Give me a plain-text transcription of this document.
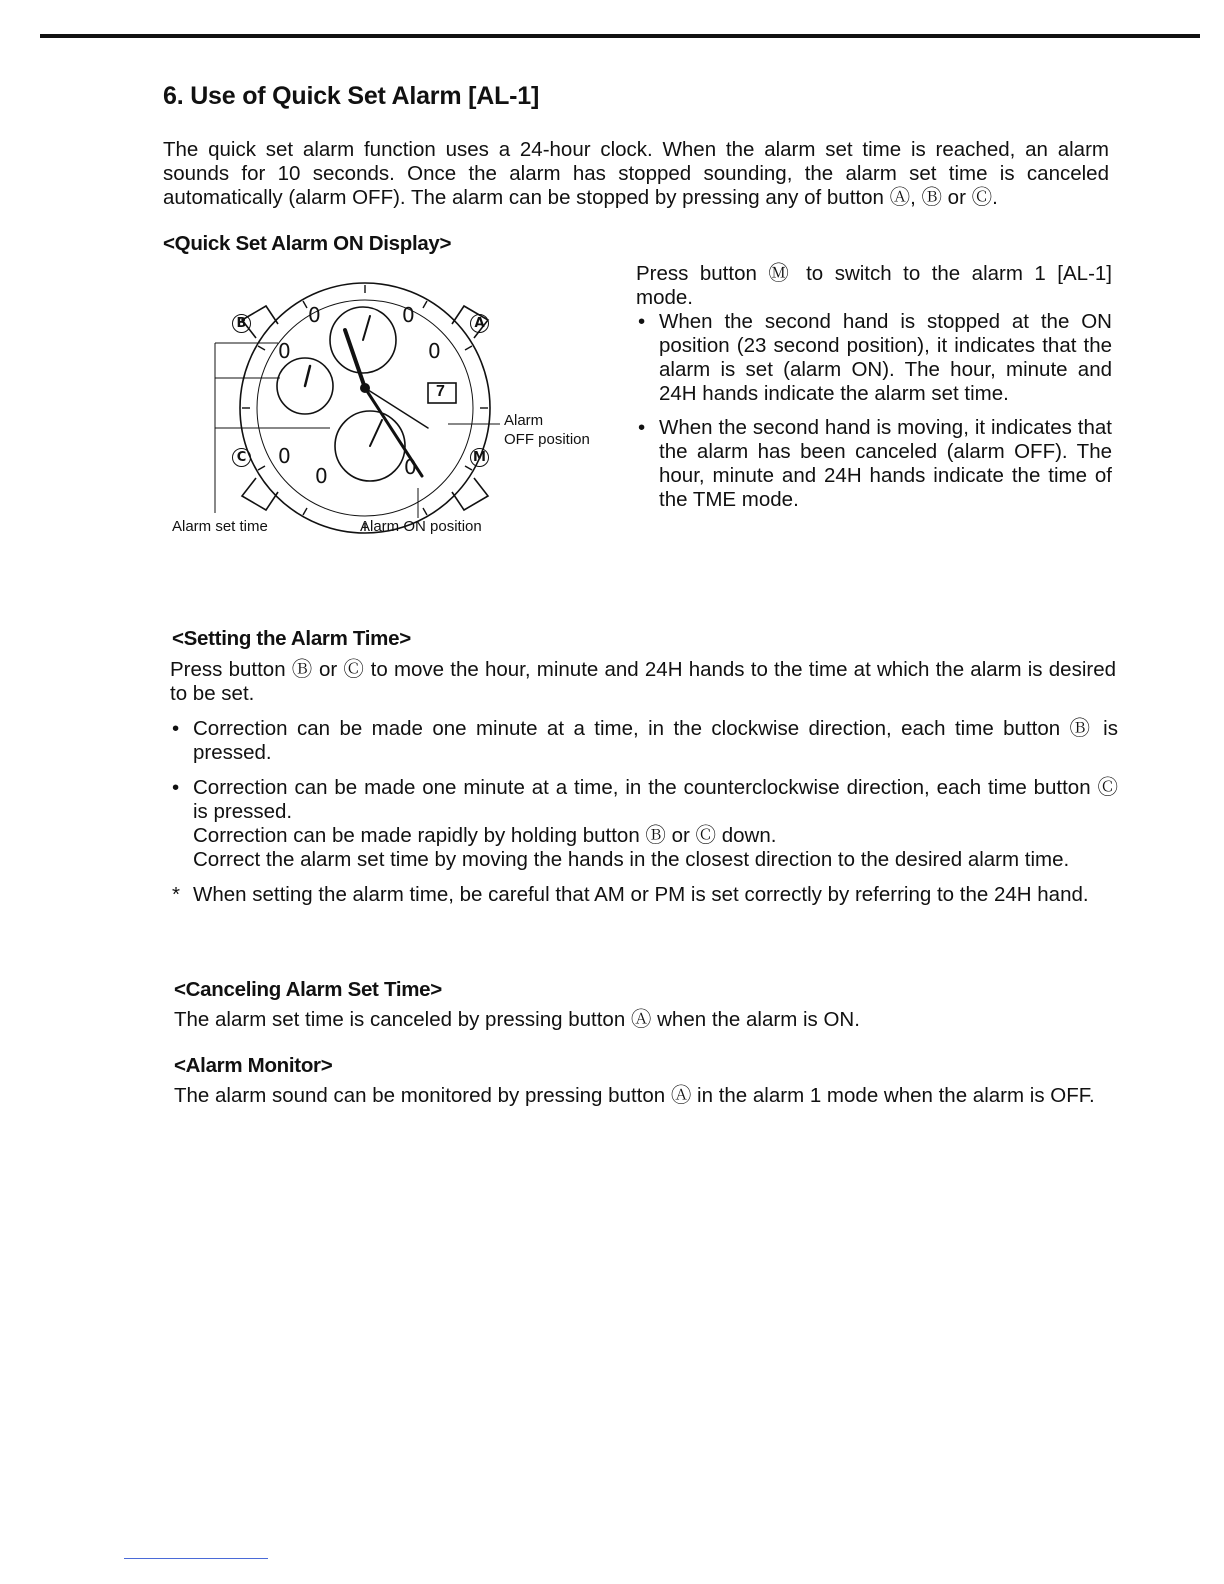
6. Use of Quick Set Alarm [AL-1]

The quick set alarm function uses a 24-hour clock. When the alarm set time is reached, an alarm sounds for 10 seconds. Once the alarm has stopped sounding, the alarm set time is canceled automatically (alarm OFF). The alarm can be stopped by pressing any of button Ⓐ, Ⓑ or Ⓒ.

<Quick Set Alarm ON Display>
0	0
0	0
0	0
0
B	A
C	M
7
Alarm
OFF position
Alarm set time	Alarm ON position

Press button Ⓜ to switch to the alarm 1 [AL-1] mode.

• When the second hand is stopped at the ON position (23 second position), it indicates that the alarm is set (alarm ON). The hour, minute and 24H hands indicate the alarm set time.

• When the second hand is moving, it indicates that the alarm has been canceled (alarm OFF). The hour, minute and 24H hands indicate the time of the TME mode.

<Setting the Alarm Time>

Press button Ⓑ or Ⓒ to move the hour, minute and 24H hands to the time at which the alarm is desired to be set.

• Correction can be made one minute at a time, in the clockwise direction, each time button Ⓑ is pressed.

• Correction can be made one minute at a time, in the counterclockwise direction, each time button Ⓒ is pressed.

Correction can be made rapidly by holding button Ⓑ or Ⓒ down.

Correct the alarm set time by moving the hands in the closest direction to the desired alarm time.

* When setting the alarm time, be careful that AM or PM is set correctly by referring to the 24H hand.

<Canceling Alarm Set Time>

The alarm set time is canceled by pressing button Ⓐ when the alarm is ON.

<Alarm Monitor>

The alarm sound can be monitored by pressing button Ⓐ in the alarm 1 mode when the alarm is OFF.
